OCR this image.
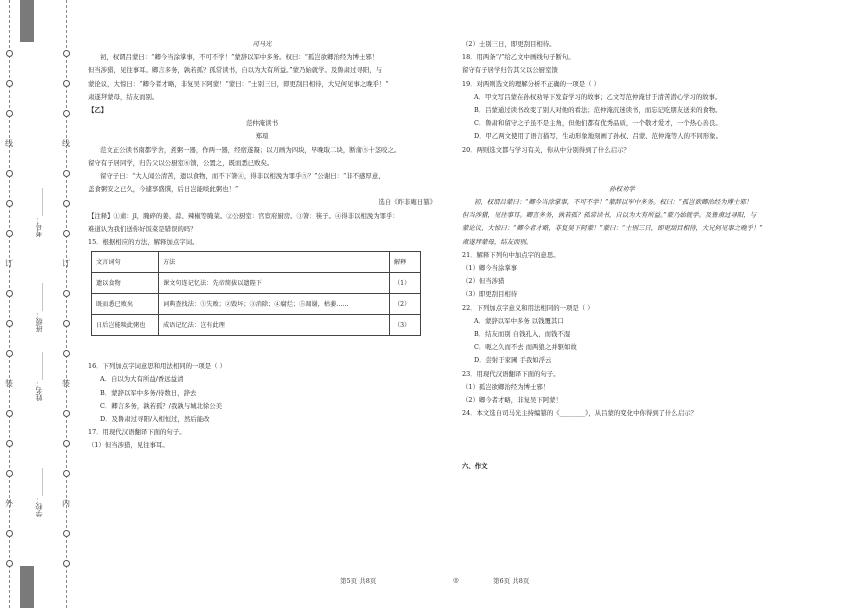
线
订
装
外
线
订
装
内
学校：________
姓名：________
班级：________
考号：________

司马光

初，权谓吕蒙曰：“卿今当涂掌事，不可不学！”蒙辞以军中多务。权曰：“孤岂欲卿治经为博士邪！

但当涉猎，见往事耳。卿言多务，孰若孤？孤常读书，自以为大有所益。”蒙乃始就学。及鲁肃过寻阳，与

蒙论议，大惊曰：“卿今者才略，非复吴下阿蒙！”蒙曰：“士别三日，即更刮目相待，大兄何见事之晚乎！”

肃遂拜蒙母，结友而别。

【乙】

范仲淹读书

郑瑄

范文正公读书南都学舍，煮粥一器，作两一器，经宿遂凝；以刀画为四块，早晚取二块，断齑⑤十茎咬之。

留守有子居同学，归告父以公厨室⑥馈，公置之，既而悉已败矣。

留守子曰：“大人闻公清苦，遗以食物，而不下箸④，得非以相浼为罪乎⑤？”公谢曰：“非不感厚意，

盖食粥安之已久，今遽享盛馔，后日岂能啖此粥也！”

选自《昨非庵日纂》

【注释】①齑：jī，腌碎的姜、蒜、辣椒等腌菜。②公厨室：官宦府厨房。③箸：筷子。④得非以相浼为罪乎：

难道认为我们送你好饭菜是错误的吗？

15．根据相应的方法，解释加点字词。

文言词句	方法	解释
遗以食物	课文句连记忆法：先帝简拔以遗陛下	（1）
既而悉已败矣	词典查找法：①失败；②毁坏；③消除；④腐烂；⑤凋谢，枯萎……	（2）
日后岂能啖此粥也	成语记忆法：岂有此理	（3）

16．下列加点字词意思和用法相同的一项是（ ）

A．自以为大有所益/香远益清

B．蒙辞以军中多务/待数日，辞去

C．卿言多务，孰若孤？/我孰与城北徐公美

D．及鲁肃过寻阳/入相恒过，然后能改

17．用现代汉语翻译下面的句子。

（1）但当涉猎，见往事耳。

（2）士别三日，即更刮目相待。

18．用两条“/”给乙文中画线句子断句。

留守有子居学归告其父以公厨室馈

19．对两则选文的理解分析不正确的一项是（ ）

A．甲文写吕蒙在孙权劝导下发奋学习的故事；乙文写范仲淹甘于清苦潜心学习的故事。

B．吕蒙通过读书改变了别人对他的看法；范仲淹沉迷读书，而忘记吃朋友送来的食物。

C．鲁肃和留守之子虽不是主角，但他们都有优秀品质，一个敬才爱才，一个热心善良。

D．甲乙两文使用了语言描写，生动形象地刻画了孙权、吕蒙、范仲淹等人的不同形象。

20．两则选文都与学习有关，你从中分别得到了什么启示？

孙权劝学

初，权谓吕蒙曰：“卿今当涂掌事，不可不学！”蒙辞以军中多务。权曰：“孤岂欲卿治经为博士邪！

但当涉猎，见往事耳。卿言多务，孰若孤？孤常读书，自以为大有所益。”蒙乃始就学。及鲁肃过寻阳，与

蒙论议，大惊曰：“卿今者才略，非复吴下阿蒙！”蒙曰：“士别三日，即更刮目相待，大兄何见事之晚乎！”

肃遂拜蒙母，结友而别。

21．解释下列句中加点字的意思。

（1）卿今当涂掌事

（2）但当涉猎

（3）即更刮目相待

22．下列加点字意义和用法相同的一项是（ ）

A．蒙辞以军中多务 以钱覆其口

B．结友而别 自钱孔入，而钱不湿

C．呃之久而不去 而两狼之并驱如故

D．尝射于家圃 手我如浮云

23．用现代汉语翻译下面的句子。

（1）孤岂欲卿治经为博士邪！

（2）卿今者才略，非复吴下阿蒙！

24．本文选自司马光主持编纂的《________》，从吕蒙的变化中你得到了什么启示？

六、作文

第5页 共8页	◎	第6页 共8页
